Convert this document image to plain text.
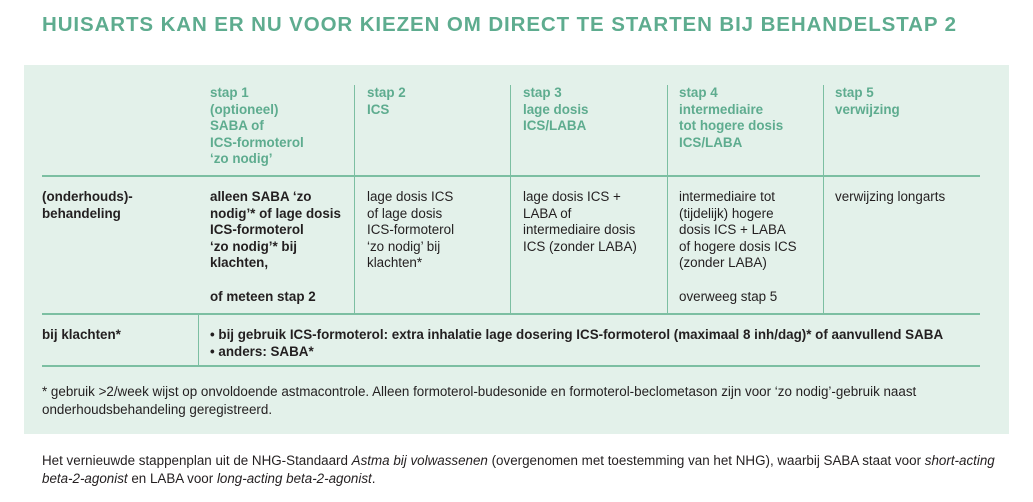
HUISARTS KAN ER NU VOOR KIEZEN OM DIRECT TE STARTEN BIJ BEHANDELSTAP 2
stap 1
(optioneel)
SABA of
ICS-formoterol
‘zo nodig’
stap 2
ICS
stap 3
lage dosis
ICS/LABA
stap 4
intermediaire
tot hogere dosis
ICS/LABA
stap 5
verwijzing
(onderhouds)-
behandeling
alleen SABA ‘zo
nodig’* of lage dosis
ICS-formoterol
‘zo nodig’* bij
klachten,
of meteen stap 2
lage dosis ICS
of lage dosis
ICS-formoterol
‘zo nodig’ bij
klachten*
lage dosis ICS +
LABA of
intermediaire dosis
ICS (zonder LABA)
intermediaire tot
(tijdelijk) hogere
dosis ICS + LABA
of hogere dosis ICS
(zonder LABA)
overweeg stap 5
verwijzing longarts
bij klachten*	• bij gebruik ICS-formoterol: extra inhalatie lage dosering ICS-formoterol (maximaal 8 inh/dag)* of aanvullend SABA
• anders: SABA*
* gebruik >2/week wijst op onvoldoende astmacontrole. Alleen formoterol-budesonide en formoterol-beclometason zijn voor ‘zo nodig’-gebruik naast onderhoudsbehandeling geregistreerd.
Het vernieuwde stappenplan uit de NHG-Standaard Astma bij volwassenen (overgenomen met toestemming van het NHG), waarbij SABA staat voor short-acting beta-2-agonist en LABA voor long-acting beta-2-agonist.
